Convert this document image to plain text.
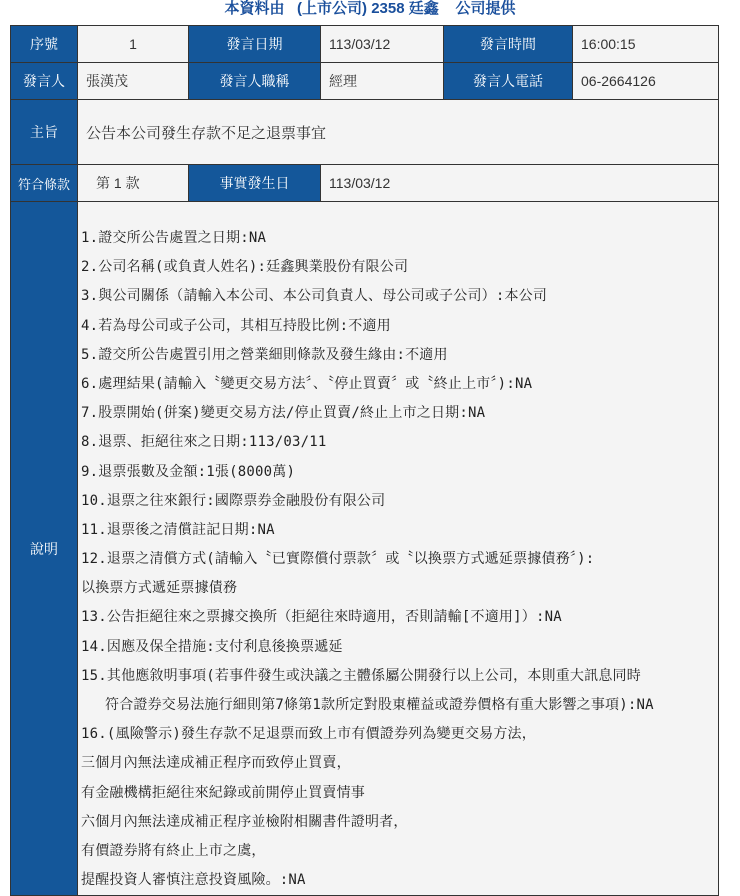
本資料由 (上市公司) 2358 廷鑫 公司提供
序號	1	發言日期	113/03/12	發言時間	16:00:15
發言人	張漢茂	發言人職稱	經理	發言人電話	06-2664126
主旨	公告本公司發生存款不足之退票事宜				
符合條款	第 1 款	事實發生日	113/03/12		
說明	
1.證交所公告處置之日期:NA
2.公司名稱(或負責人姓名):廷鑫興業股份有限公司
3.與公司關係（請輸入本公司、本公司負責人、母公司或子公司）:本公司
4.若為母公司或子公司，其相互持股比例:不適用
5.證交所公告處置引用之營業細則條款及發生緣由:不適用
6.處理結果(請輸入〝變更交易方法〞、〝停止買賣〞或〝終止上市〞):NA
7.股票開始(併案)變更交易方法/停止買賣/終止上市之日期:NA
8.退票、拒絕往來之日期:113/03/11
9.退票張數及金額:1張(8000萬)
10.退票之往來銀行:國際票券金融股份有限公司
11.退票後之清償註記日期:NA
12.退票之清償方式(請輸入〝已實際償付票款〞或〝以換票方式遞延票據債務〞):
以換票方式遞延票據債務
13.公告拒絕往來之票據交換所（拒絕往來時適用，否則請輸[不適用]）:NA
14.因應及保全措施:支付利息後換票遞延
15.其他應敘明事項(若事件發生或決議之主體係屬公開發行以上公司，本則重大訊息同時
符合證券交易法施行細則第7條第1款所定對股東權益或證券價格有重大影響之事項):NA
16.(風險警示)發生存款不足退票而致上市有價證券列為變更交易方法，
三個月內無法達成補正程序而致停止買賣，
有金融機構拒絕往來紀錄或前開停止買賣情事
六個月內無法達成補正程序並檢附相關書件證明者，
有價證券將有終止上市之虞，
提醒投資人審慎注意投資風險。:NA
